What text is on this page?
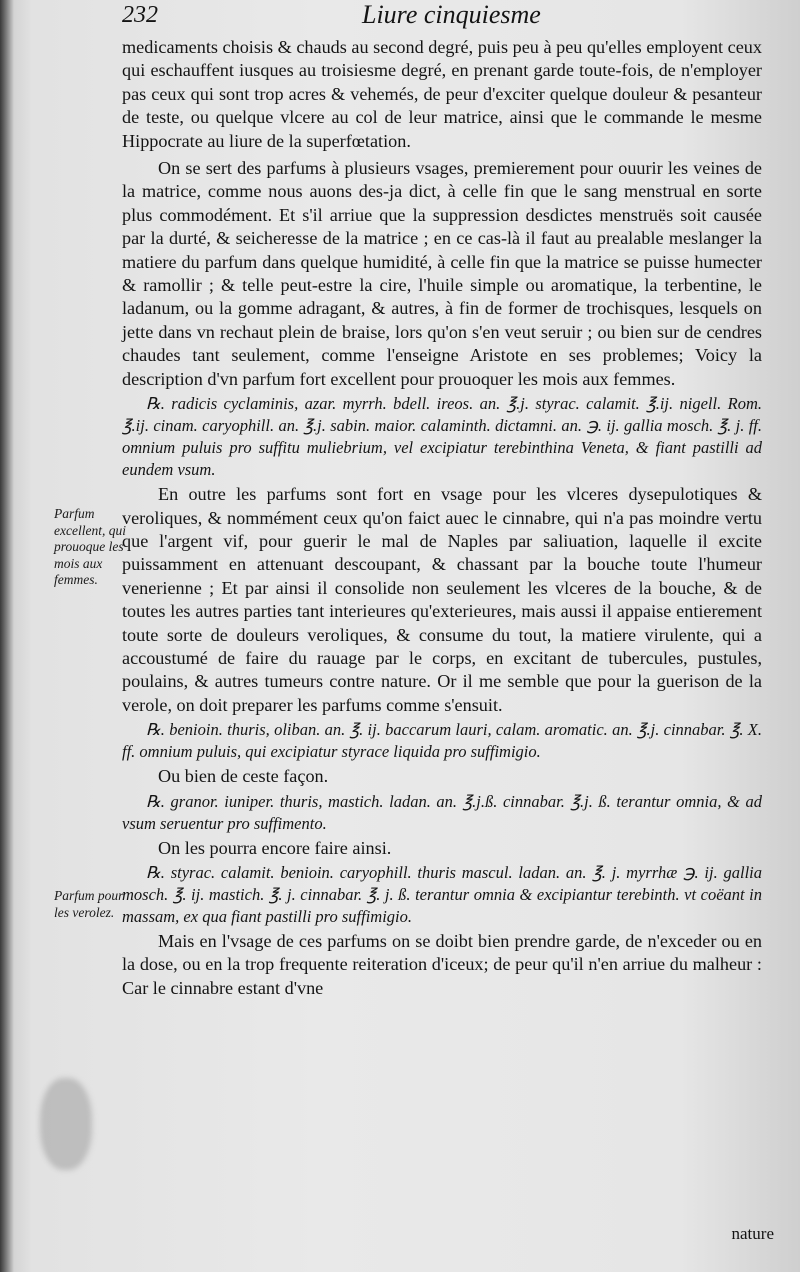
232	Liure cinquiesme

medicaments choisis & chauds au second degré, puis peu à peu qu'elles employent ceux qui eschauffent iusques au troisiesme degré, en prenant garde toute-fois, de n'employer pas ceux qui sont trop acres & vehemés, de peur d'exciter quelque douleur & pesanteur de teste, ou quelque vlcere au col de leur matrice, ainsi que le commande le mesme Hippocrate au liure de la superfœtation.

On se sert des parfums à plusieurs vsages, premierement pour ouurir les veines de la matrice, comme nous auons des-ja dict, à celle fin que le sang menstrual en sorte plus commodément. Et s'il arriue que la suppression desdictes menstruës soit causée par la durté, & seicheresse de la matrice ; en ce cas-là il faut au prealable meslanger la matiere du parfum dans quelque humidité, à celle fin que la matrice se puisse humecter & ramollir ; & telle peut-estre la cire, l'huile simple ou aromatique, la terbentine, le ladanum, ou la gomme adragant, & autres, à fin de former de trochisques, lesquels on jette dans vn rechaut plein de braise, lors qu'on s'en veut seruir ; ou bien sur de cendres chaudes tant seulement, comme l'enseigne Aristote en ses problemes; Voicy la description d'vn parfum fort excellent pour prouoquer les mois aux femmes.

℞. radicis cyclaminis, azar. myrrh. bdell. ireos. an. ℥.j. styrac. calamit. ℥.ij. nigell. Rom. ℥.ij. cinam. caryophill. an. ℥.j. sabin. maior. calaminth. dictamni. an. ℈. ij. gallia mosch. ℥. j. ff. omnium puluis pro suffitu muliebrium, vel excipiatur terebinthina Veneta, & fiant pastilli ad eundem vsum.

En outre les parfums sont fort en vsage pour les vlceres dysepulotiques & veroliques, & nommément ceux qu'on faict auec le cinnabre, qui n'a pas moindre vertu que l'argent vif, pour guerir le mal de Naples par saliuation, laquelle il excite puissamment en attenuant descoupant, & chassant par la bouche toute l'humeur venerienne ; Et par ainsi il consolide non seulement les vlceres de la bouche, & de toutes les autres parties tant interieures qu'exterieures, mais aussi il appaise entierement toute sorte de douleurs veroliques, & consume du tout, la matiere virulente, qui a accoustumé de faire du rauage par le corps, en excitant de tubercules, pustules, poulains, & autres tumeurs contre nature. Or il me semble que pour la guerison de la verole, on doit preparer les parfums comme s'ensuit.

℞. benioin. thuris, oliban. an. ℥. ij. baccarum lauri, calam. aromatic. an. ℥.j. cinnabar. ℥. X. ff. omnium puluis, qui excipiatur styrace liquida pro suffimigio.

Ou bien de ceste façon.

℞. granor. iuniper. thuris, mastich. ladan. an. ℥.j.ß. cinnabar. ℥.j. ß. terantur omnia, & ad vsum seruentur pro suffimento.

On les pourra encore faire ainsi.

℞. styrac. calamit. benioin. caryophill. thuris mascul. ladan. an. ℥. j. myrrhæ ℈. ij. gallia mosch. ℥. ij. mastich. ℥. j. cinnabar. ℥. j. ß. terantur omnia & excipiantur terebinth. vt coëant in massam, ex qua fiant pastilli pro suffimigio.

Mais en l'vsage de ces parfums on se doibt bien prendre garde, de n'exceder ou en la dose, ou en la trop frequente reiteration d'iceux; de peur qu'il n'en arriue du malheur : Car le cinnabre estant d'vne

Parfum excellent, qui prouoque les mois aux femmes.
Parfum pour les verolez.
nature
